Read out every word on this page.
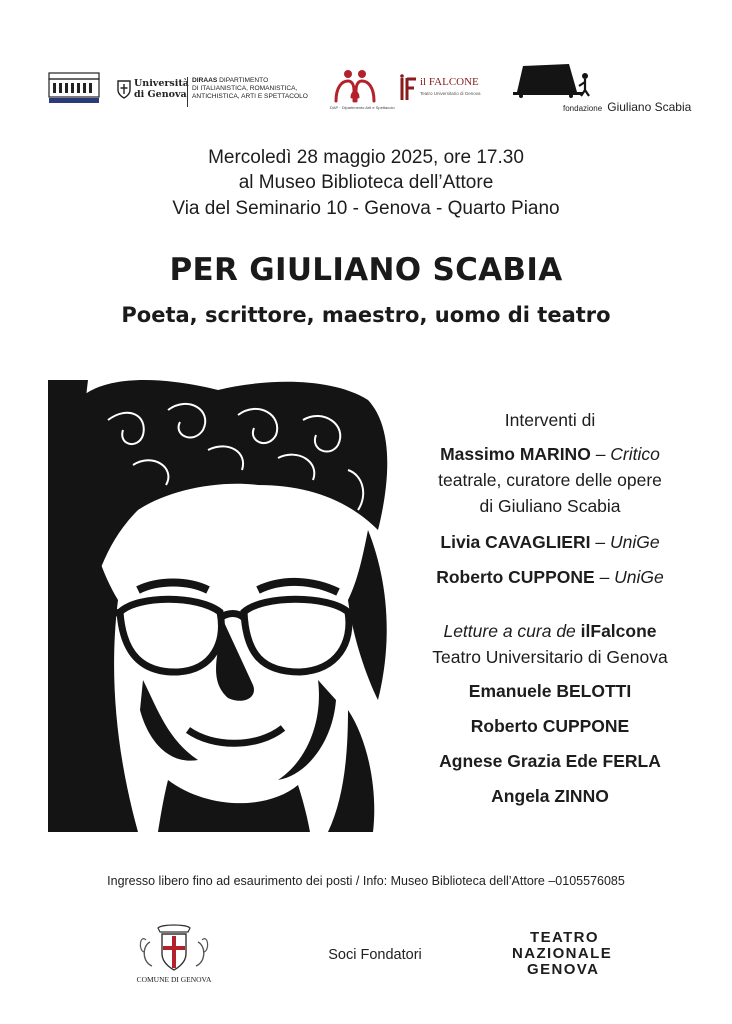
Università
di Genova
DIRAAS DIPARTIMENTO
DI ITALIANISTICA, ROMANISTICA,
ANTICHISTICA, ARTI E SPETTACOLO
DAP · Dipartimento Arti e Spettacolo
il FALCONE
Teatro Universitario di Genova
fondazione Giuliano Scabia
Mercoledì 28 maggio 2025, ore 17.30
al Museo Biblioteca dell’Attore
Via del Seminario 10 - Genova - Quarto Piano
PER GIULIANO SCABIA
Poeta, scrittore, maestro, uomo di teatro
Interventi di
Massimo MARINO – Critico
teatrale, curatore delle opere
di Giuliano Scabia
Livia CAVAGLIERI – UniGe
Roberto CUPPONE – UniGe
Letture a cura de ilFalcone
Teatro Universitario di Genova
Emanuele BELOTTI
Roberto CUPPONE
Agnese Grazia Ede FERLA
Angela ZINNO
Ingresso libero fino ad esaurimento dei posti / Info: Museo Biblioteca dell’Attore –0105576085
COMUNE DI GENOVA
Soci Fondatori
TEATRO
NAZIONALE
GENOVA
